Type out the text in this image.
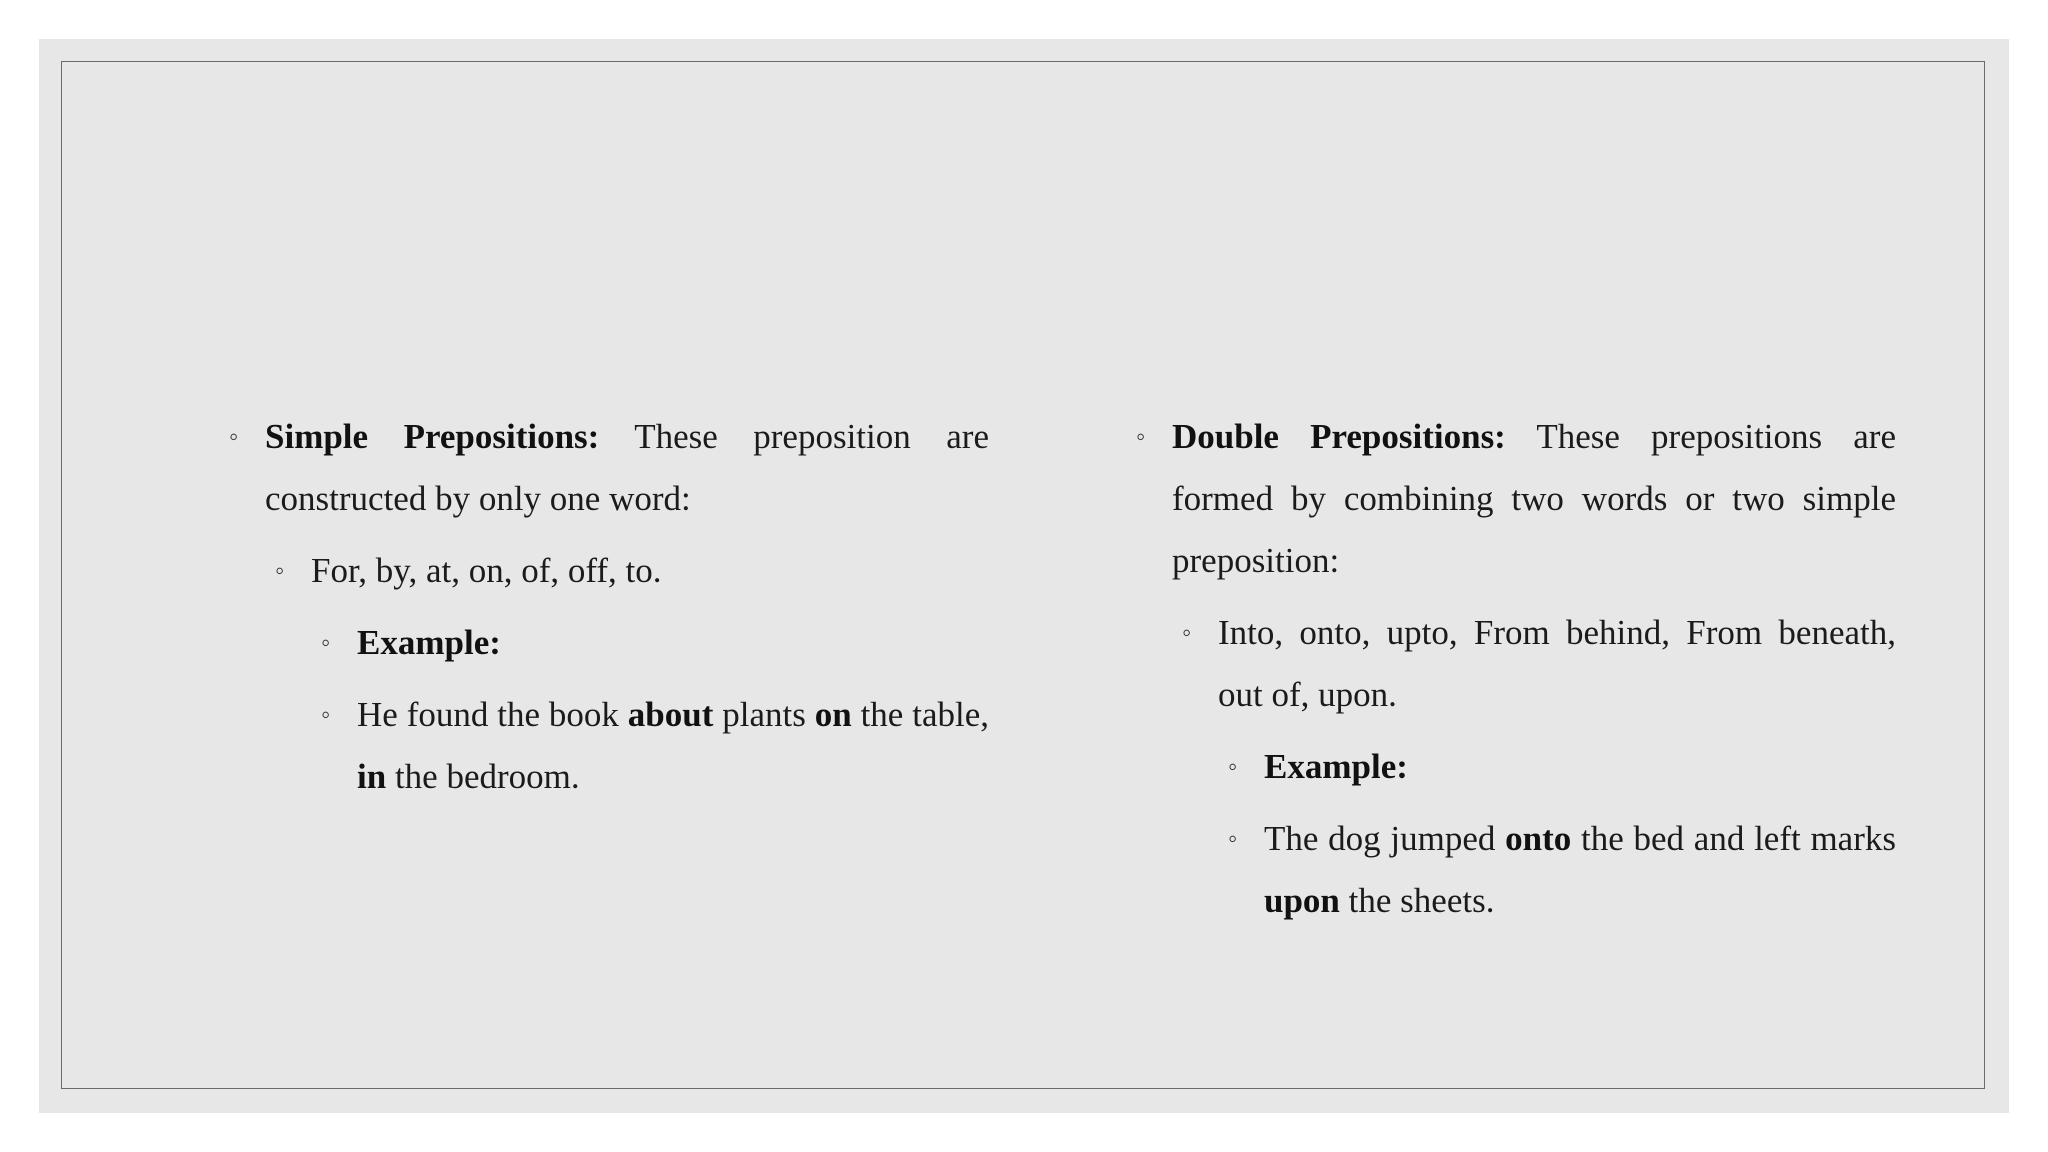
◦ Simple Prepositions: These preposition are constructed by only one word:
◦ For, by, at, on, of, off, to.
◦ Example:
◦ He found the book about plants on the table, in the bedroom.
◦ Double Prepositions: These prepositions are formed by combining two words or two simple preposition:
◦ Into, onto, upto, From behind, From beneath, out of, upon.
◦ Example:
◦ The dog jumped onto the bed and left marks upon the sheets.
